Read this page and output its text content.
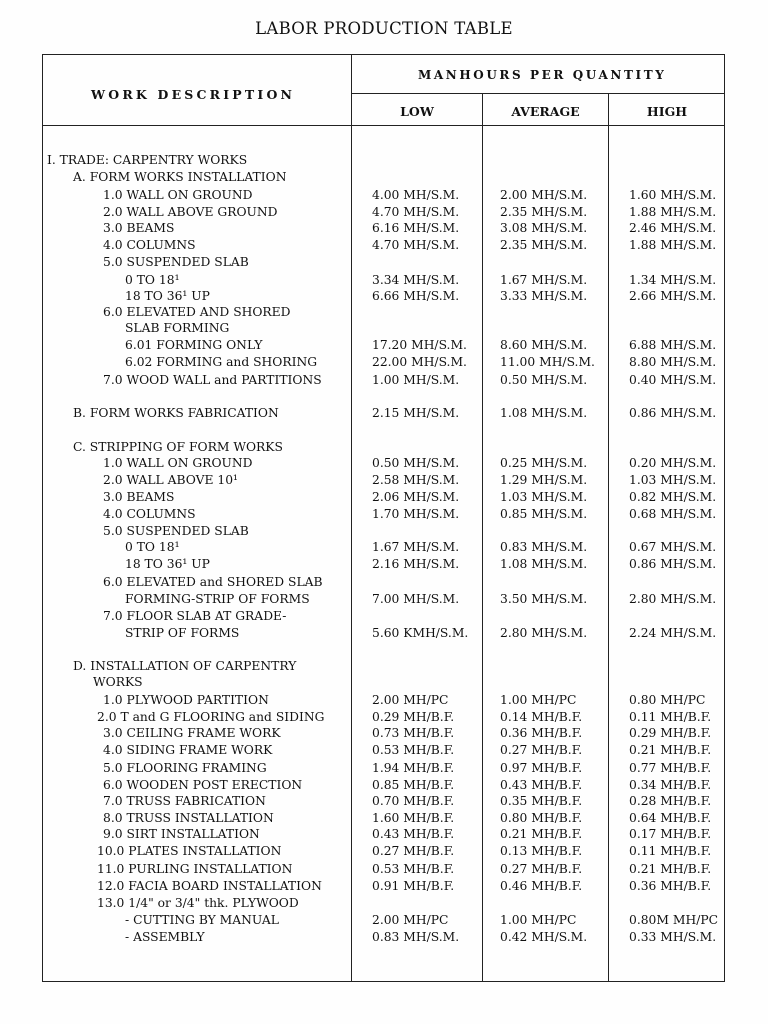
LABOR PRODUCTION TABLE
WORK DESCRIPTION
MANHOURS PER QUANTITY
LOW	AVERAGE	HIGH
I. TRADE: CARPENTRY WORKS
A. FORM WORKS INSTALLATION
1.0 WALL ON GROUND	4.00 MH/S.M.	2.00 MH/S.M.	1.60 MH/S.M.
2.0 WALL ABOVE GROUND	4.70 MH/S.M.	2.35 MH/S.M.	1.88 MH/S.M.
3.0 BEAMS	6.16 MH/S.M.	3.08 MH/S.M.	2.46 MH/S.M.
4.0 COLUMNS	4.70 MH/S.M.	2.35 MH/S.M.	1.88 MH/S.M.
5.0 SUSPENDED SLAB
0 TO 18¹	3.34 MH/S.M.	1.67 MH/S.M.	1.34 MH/S.M.
18 TO 36¹ UP	6.66 MH/S.M.	3.33 MH/S.M.	2.66 MH/S.M.
6.0 ELEVATED AND SHORED
SLAB FORMING
6.01 FORMING ONLY	17.20 MH/S.M.	8.60 MH/S.M.	6.88 MH/S.M.
6.02 FORMING and SHORING	22.00 MH/S.M.	11.00 MH/S.M.	8.80 MH/S.M.
7.0 WOOD WALL and PARTITIONS	1.00 MH/S.M.	0.50 MH/S.M.	0.40 MH/S.M.
B. FORM WORKS FABRICATION	2.15 MH/S.M.	1.08 MH/S.M.	0.86 MH/S.M.
C. STRIPPING OF FORM WORKS
1.0 WALL ON GROUND	0.50 MH/S.M.	0.25 MH/S.M.	0.20 MH/S.M.
2.0 WALL ABOVE 10¹	2.58 MH/S.M.	1.29 MH/S.M.	1.03 MH/S.M.
3.0 BEAMS	2.06 MH/S.M.	1.03 MH/S.M.	0.82 MH/S.M.
4.0 COLUMNS	1.70 MH/S.M.	0.85 MH/S.M.	0.68 MH/S.M.
5.0 SUSPENDED SLAB
0 TO 18¹	1.67 MH/S.M.	0.83 MH/S.M.	0.67 MH/S.M.
18 TO 36¹ UP	2.16 MH/S.M.	1.08 MH/S.M.	0.86 MH/S.M.
6.0 ELEVATED and SHORED SLAB
FORMING-STRIP OF FORMS	7.00 MH/S.M.	3.50 MH/S.M.	2.80 MH/S.M.
7.0 FLOOR SLAB AT GRADE-
STRIP OF FORMS	5.60 KMH/S.M.	2.80 MH/S.M.	2.24 MH/S.M.
D. INSTALLATION OF CARPENTRY
WORKS
1.0 PLYWOOD PARTITION	2.00 MH/PC	1.00 MH/PC	0.80 MH/PC
2.0 T and G FLOORING and SIDING	0.29 MH/B.F.	0.14 MH/B.F.	0.11 MH/B.F.
3.0 CEILING FRAME WORK	0.73 MH/B.F.	0.36 MH/B.F.	0.29 MH/B.F.
4.0 SIDING FRAME WORK	0.53 MH/B.F.	0.27 MH/B.F.	0.21 MH/B.F.
5.0 FLOORING FRAMING	1.94 MH/B.F.	0.97 MH/B.F.	0.77 MH/B.F.
6.0 WOODEN POST ERECTION	0.85 MH/B.F.	0.43 MH/B.F.	0.34 MH/B.F.
7.0 TRUSS FABRICATION	0.70 MH/B.F.	0.35 MH/B.F.	0.28 MH/B.F.
8.0 TRUSS INSTALLATION	1.60 MH/B.F.	0.80 MH/B.F.	0.64 MH/B.F.
9.0 SIRT INSTALLATION	0.43 MH/B.F.	0.21 MH/B.F.	0.17 MH/B.F.
10.0 PLATES INSTALLATION	0.27 MH/B.F.	0.13 MH/B.F.	0.11 MH/B.F.
11.0 PURLING INSTALLATION	0.53 MH/B.F.	0.27 MH/B.F.	0.21 MH/B.F.
12.0 FACIA BOARD INSTALLATION	0.91 MH/B.F.	0.46 MH/B.F.	0.36 MH/B.F.
13.0 1/4" or 3/4" thk. PLYWOOD
- CUTTING BY MANUAL	2.00 MH/PC	1.00 MH/PC	0.80M MH/PC
- ASSEMBLY	0.83 MH/S.M.	0.42 MH/S.M.	0.33 MH/S.M.
